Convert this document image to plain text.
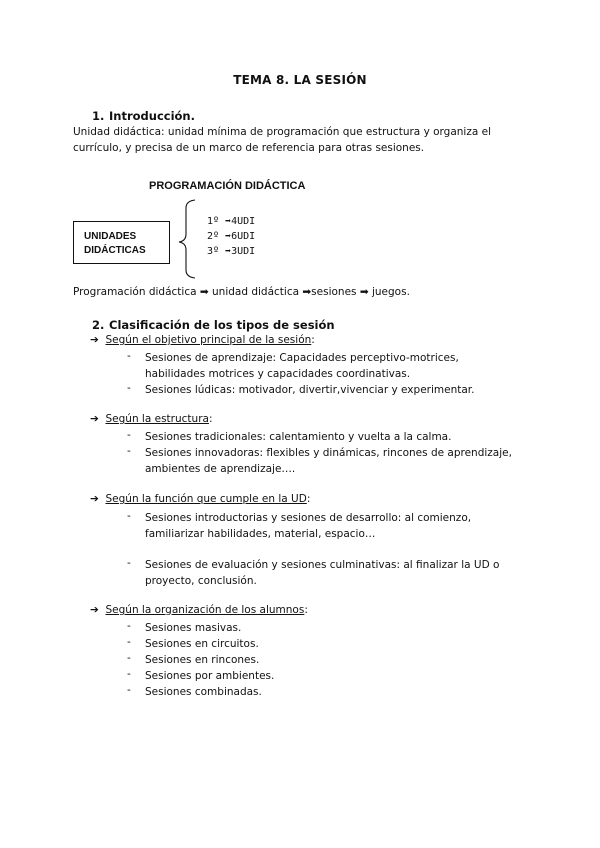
TEMA 8. LA SESIÓN
1. Introducción.
Unidad didáctica: unidad mínima de programación que estructura y organiza el
currículo, y precisa de un marco de referencia para otras sesiones.
PROGRAMACIÓN DIDÁCTICA
UNIDADES
DIDÁCTICAS
1º ➡4UDI
2º ➡6UDI
3º ➡3UDI
Programación didáctica ➡ unidad didáctica ➡sesiones ➡ juegos.
2. Clasificación de los tipos de sesión
➔ Según el objetivo principal de la sesión:
- Sesiones de aprendizaje: Capacidades perceptivo-motrices,
habilidades motrices y capacidades coordinativas.
- Sesiones lúdicas: motivador, divertir,vivenciar y experimentar.
➔ Según la estructura:
- Sesiones tradicionales: calentamiento y vuelta a la calma.
- Sesiones innovadoras: flexibles y dinámicas, rincones de aprendizaje,
ambientes de aprendizaje….
➔ Según la función que cumple en la UD:
- Sesiones introductorias y sesiones de desarrollo: al comienzo,
familiarizar habilidades, material, espacio…
- Sesiones de evaluación y sesiones culminativas: al finalizar la UD o
proyecto, conclusión.
➔ Según la organización de los alumnos:
- Sesiones masivas.
- Sesiones en circuitos.
- Sesiones en rincones.
- Sesiones por ambientes.
- Sesiones combinadas.
